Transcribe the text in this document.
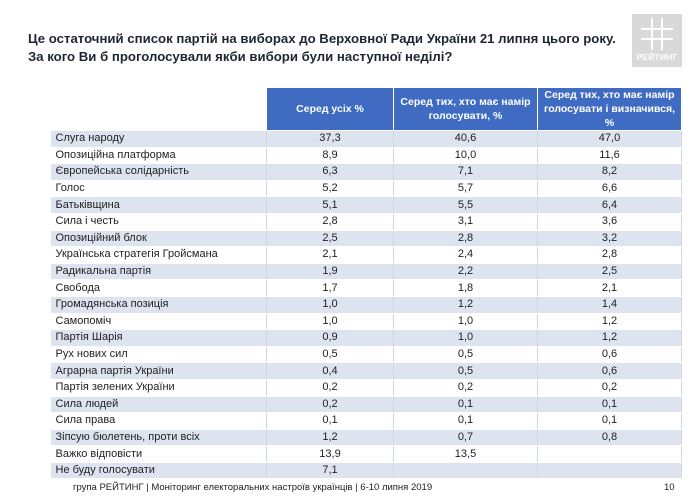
Це остаточний список партій на виборах до Верховної Ради України 21 липня цього року.
За кого Ви б проголосували якби вибори були наступної неділі?	РЕЙТИНГ
	Серед усіх %	Серед тих, хто має намір голосувати, %	Серед тих, хто має намір голосувати і визначився, %
Слуга народу	37,3	40,6	47,0
Опозиційна платформа	8,9	10,0	11,6
Європейська солідарність	6,3	7,1	8,2
Голос	5,2	5,7	6,6
Батьківщина	5,1	5,5	6,4
Сила і честь	2,8	3,1	3,6
Опозиційний блок	2,5	2,8	3,2
Українська стратегія Гройсмана	2,1	2,4	2,8
Радикальна партія	1,9	2,2	2,5
Свобода	1,7	1,8	2,1
Громадянська позиція	1,0	1,2	1,4
Самопоміч	1,0	1,0	1,2
Партія Шарія	0,9	1,0	1,2
Рух нових сил	0,5	0,5	0,6
Аграрна партія України	0,4	0,5	0,6
Партія зелених України	0,2	0,2	0,2
Сила людей	0,2	0,1	0,1
Сила права	0,1	0,1	0,1
Зіпсую бюлетень, проти всіх	1,2	0,7	0,8
Важко відповісти	13,9	13,5	
Не буду голосувати	7,1		
група РЕЙТИНГ | Моніторинг електоральних настроїв українців | 6-10 липня 2019	10
